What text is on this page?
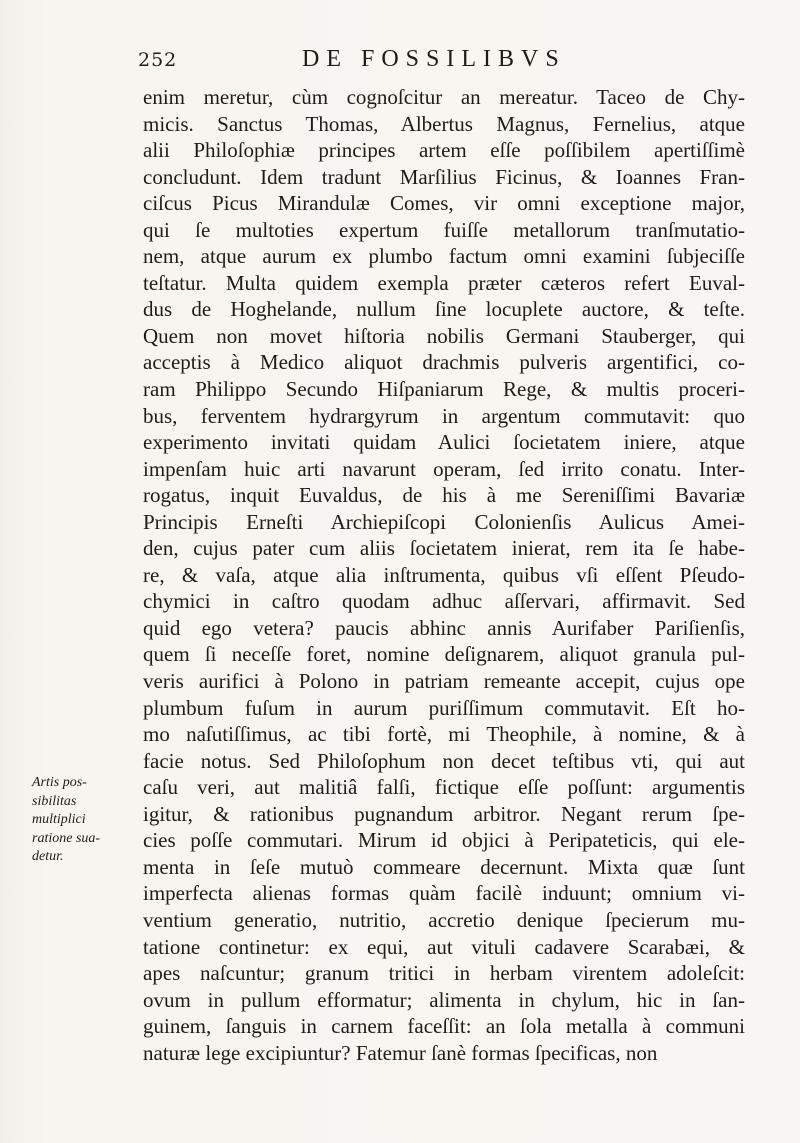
252	DE FOSSILIBVS
Artis pos-
sibilitas
multiplici
ratione sua-
detur.
enim meretur, cùm cognoſcitur an mereatur. Taceo de Chy-
micis. Sanctus Thomas, Albertus Magnus, Fernelius, atque
alii Philoſophiæ principes artem eſſe poſſibilem apertiſſimè
concludunt. Idem tradunt Marſilius Ficinus, & Ioannes Fran-
ciſcus Picus Mirandulæ Comes, vir omni exceptione major,
qui ſe multoties expertum fuiſſe metallorum tranſmutatio-
nem, atque aurum ex plumbo factum omni examini ſubjeciſſe
teſtatur. Multa quidem exempla præter cæteros refert Euval-
dus de Hoghelande, nullum ſine locuplete auctore, & teſte.
Quem non movet hiſtoria nobilis Germani Stauberger, qui
acceptis à Medico aliquot drachmis pulveris argentifici, co-
ram Philippo Secundo Hiſpaniarum Rege, & multis proceri-
bus, ferventem hydrargyrum in argentum commutavit: quo
experimento invitati quidam Aulici ſocietatem iniere, atque
impenſam huic arti navarunt operam, ſed irrito conatu. Inter-
rogatus, inquit Euvaldus, de his à me Sereniſſimi Bavariæ
Principis Erneſti Archiepiſcopi Colonienſis Aulicus Amei-
den, cujus pater cum aliis ſocietatem inierat, rem ita ſe habe-
re, & vaſa, atque alia inſtrumenta, quibus vſi eſſent Pſeudo-
chymici in caſtro quodam adhuc aſſervari, affirmavit. Sed
quid ego vetera? paucis abhinc annis Aurifaber Pariſienſis,
quem ſi neceſſe foret, nomine deſignarem, aliquot granula pul-
veris aurifici à Polono in patriam remeante accepit, cujus ope
plumbum fuſum in aurum puriſſimum commutavit. Eſt ho-
mo naſutiſſimus, ac tibi fortè, mi Theophile, à nomine, & à
facie notus. Sed Philoſophum non decet teſtibus vti, qui aut
caſu veri, aut malitiâ falſi, fictique eſſe poſſunt: argumentis
igitur, & rationibus pugnandum arbitror. Negant rerum ſpe-
cies poſſe commutari. Mirum id objici à Peripateticis, qui ele-
menta in ſeſe mutuò commeare decernunt. Mixta quæ ſunt
imperfecta alienas formas quàm facilè induunt; omnium vi-
ventium generatio, nutritio, accretio denique ſpecierum mu-
tatione continetur: ex equi, aut vituli cadavere Scarabæi, &
apes naſcuntur; granum tritici in herbam virentem adoleſcit:
ovum in pullum efformatur; alimenta in chylum, hic in ſan-
guinem, ſanguis in carnem faceſſit: an ſola metalla à communi
naturæ lege excipiuntur? Fatemur ſanè formas ſpecificas, non
